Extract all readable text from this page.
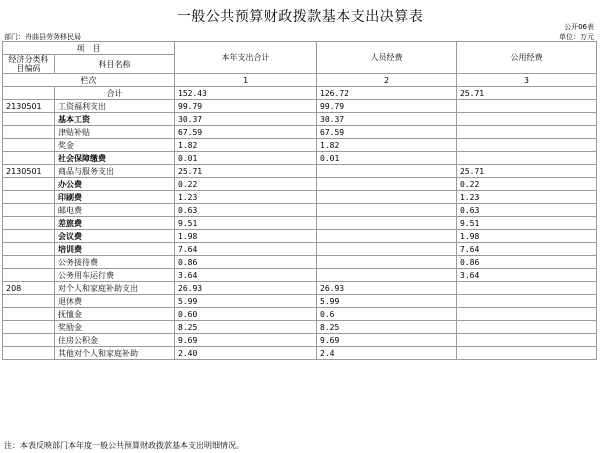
一般公共预算财政拨款基本支出决算表
公开06表
部门：舟曲县劳务移民局	单位：万元
项　目		本年支出合计	人员经费	公用经费
经济分类科目编码	科目名称			

栏次		1	2	3
	合计	152.43	126.72	25.71
2130501	工资福利支出	99.79	99.79	
	基本工资	30.37	30.37	
	津贴补贴	67.59	67.59	
	奖金	1.82	1.82	
	社会保障缴费	0.01	0.01	
2130501	商品与服务支出	25.71		25.71
	办公费	0.22		0.22
	印刷费	1.23		1.23
	邮电费	0.63		0.63
	差旅费	9.51		9.51
	会议费	1.98		1.98
	培训费	7.64		7.64
	公务接待费	0.86		0.86
	公务用车运行费	3.64		3.64
208	对个人和家庭补助支出	26.93	26.93	
	退休费	5.99	5.99	
	抚恤金	0.60	0.6	
	奖励金	8.25	8.25	
	住房公积金	9.69	9.69	
	其他对个人和家庭补助	2.40	2.4	
注：本表反映部门本年度一般公共预算财政拨款基本支出明细情况。
